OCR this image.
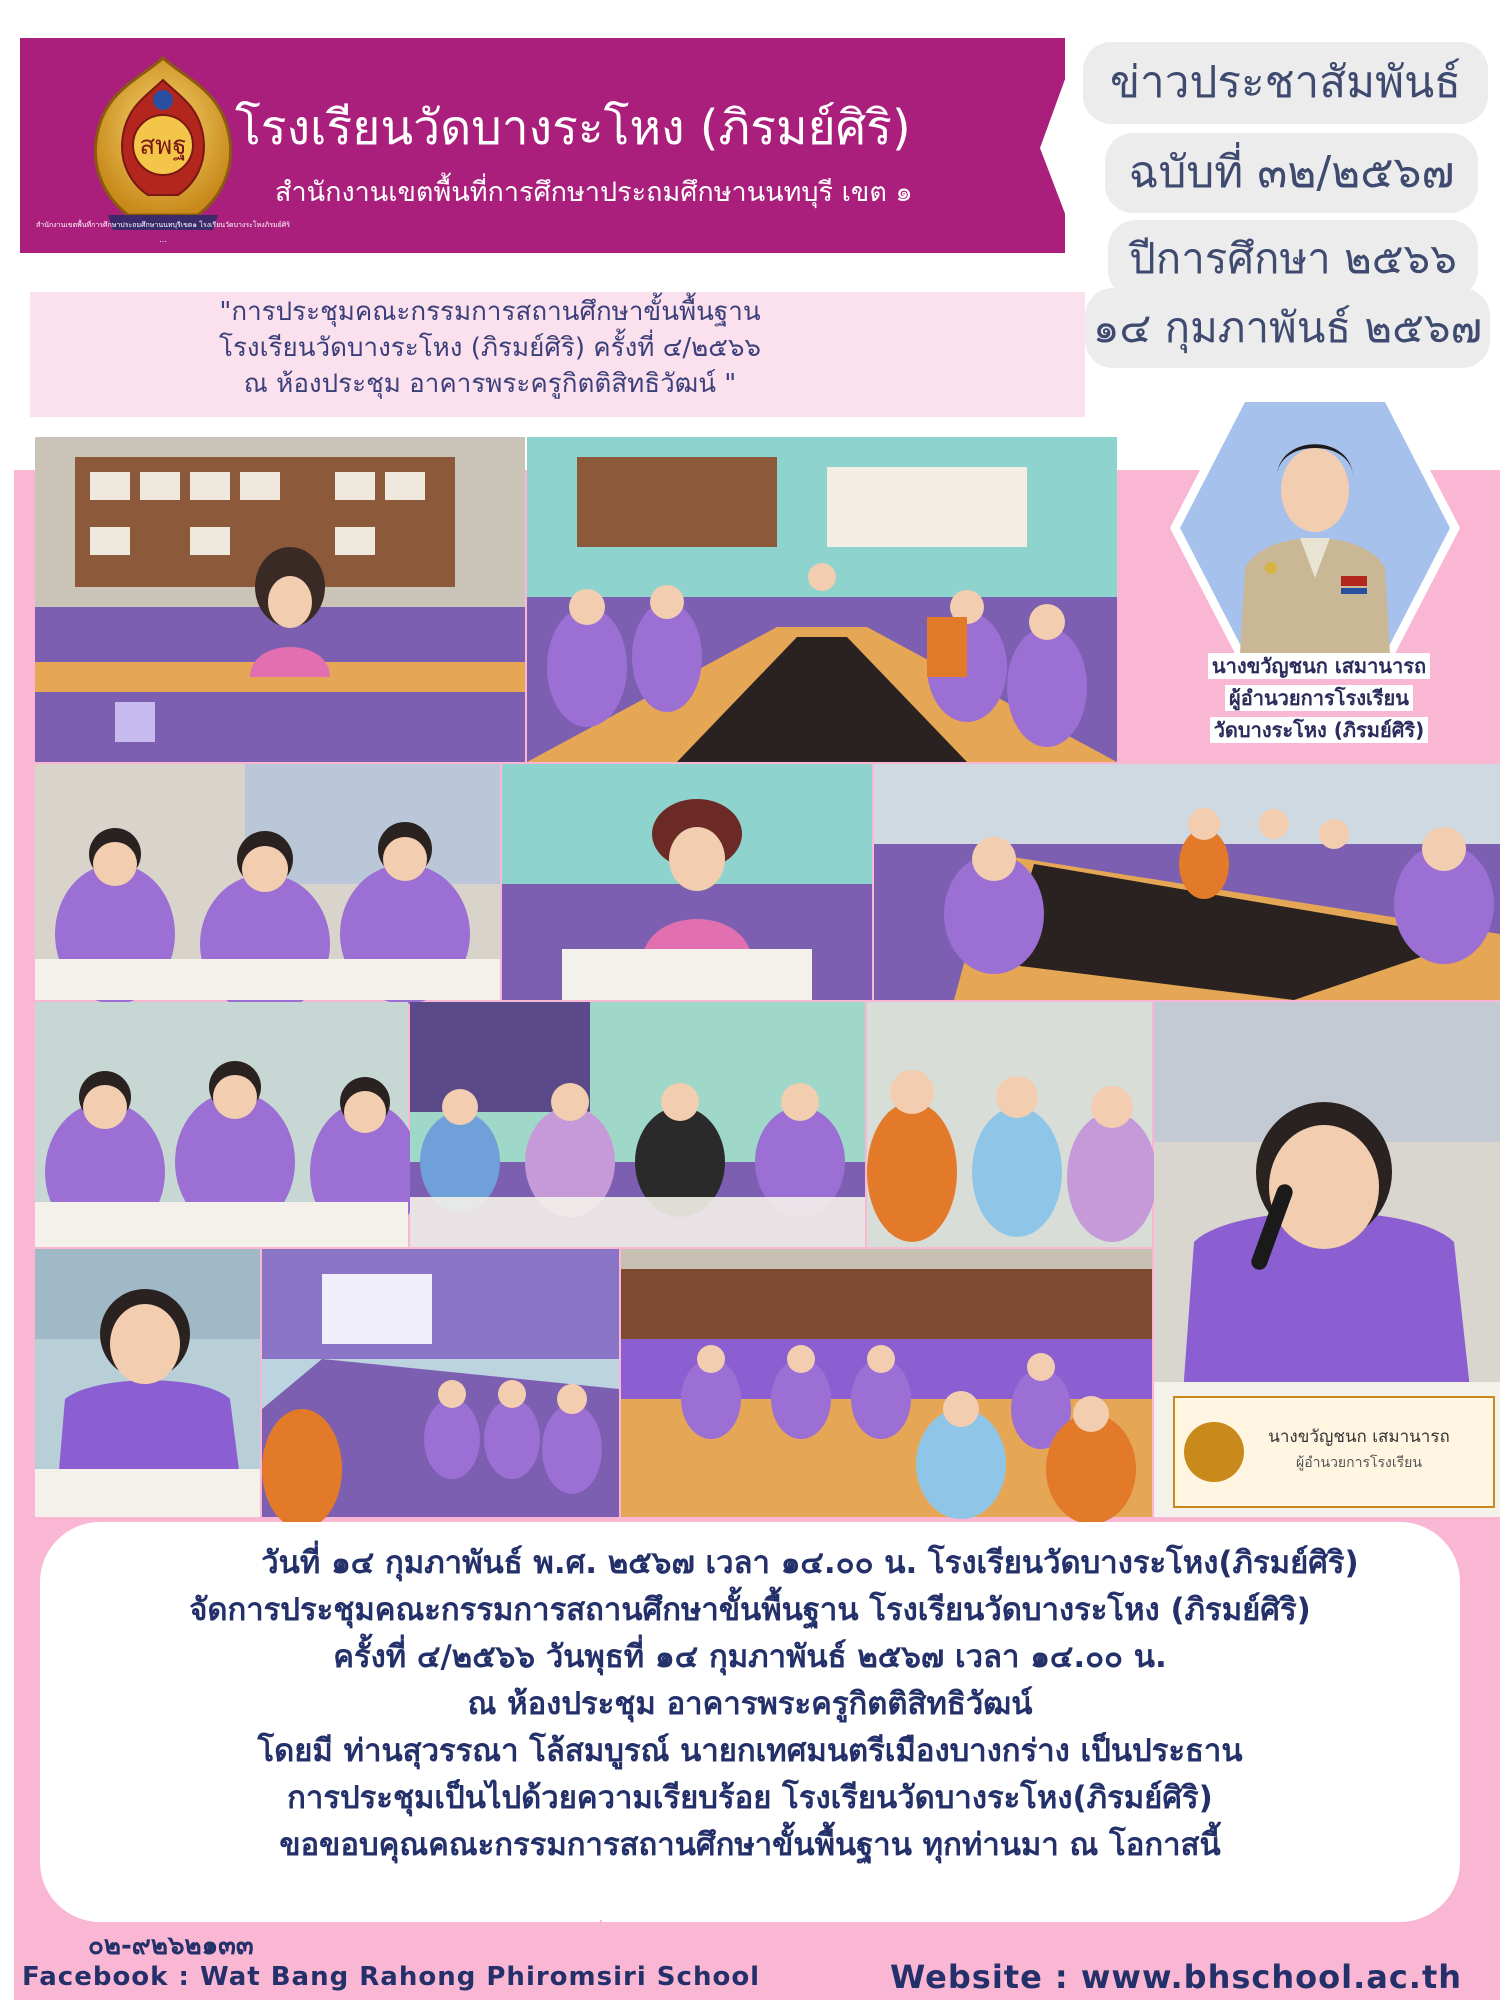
สพฐ
สำนักงานเขตพื้นที่การศึกษาประถมศึกษานนทบุรีเขต๑ โรงเรียนวัดบางระโหงภิรมย์ศิริ
…
โรงเรียนวัดบางระโหง (ภิรมย์ศิริ)
สำนักงานเขตพื้นที่การศึกษาประถมศึกษานนทบุรี เขต ๑
ข่าวประชาสัมพันธ์
ฉบับที่ ๓๒/๒๕๖๗
ปีการศึกษา ๒๕๖๖
๑๔ กุมภาพันธ์ ๒๕๖๗
"การประชุมคณะกรรมการสถานศึกษาขั้นพื้นฐาน
โรงเรียนวัดบางระโหง (ภิรมย์ศิริ) ครั้งที่ ๔/๒๕๖๖
ณ ห้องประชุม อาคารพระครูกิตติสิทธิวัฒน์ "
นางขวัญชนก เสมานารถ
ผู้อำนวยการโรงเรียน
วัดบางระโหง (ภิรมย์ศิริ)
นางขวัญชนก เสมานารถ
ผู้อำนวยการโรงเรียน
วันที่ ๑๔ กุมภาพันธ์ พ.ศ. ๒๕๖๗ เวลา ๑๔.๐๐ น. โรงเรียนวัดบางระโหง(ภิรมย์ศิริ)
จัดการประชุมคณะกรรมการสถานศึกษาขั้นพื้นฐาน โรงเรียนวัดบางระโหง (ภิรมย์ศิริ)
ครั้งที่ ๔/๒๕๖๖ วันพุธที่ ๑๔ กุมภาพันธ์ ๒๕๖๗ เวลา ๑๔.๐๐ น.
ณ ห้องประชุม อาคารพระครูกิตติสิทธิวัฒน์
โดยมี ท่านสุวรรณา โล้สมบูรณ์ นายกเทศมนตรีเมืองบางกร่าง เป็นประธาน
การประชุมเป็นไปด้วยความเรียบร้อย โรงเรียนวัดบางระโหง(ภิรมย์ศิริ)
ขอขอบคุณคณะกรรมการสถานศึกษาขั้นพื้นฐาน ทุกท่านมา ณ โอกาสนี้
๐๒-๙๒๖๒๑๓๓
Facebook : Wat Bang Rahong Phiromsiri School	Website : www.bhschool.ac.th
